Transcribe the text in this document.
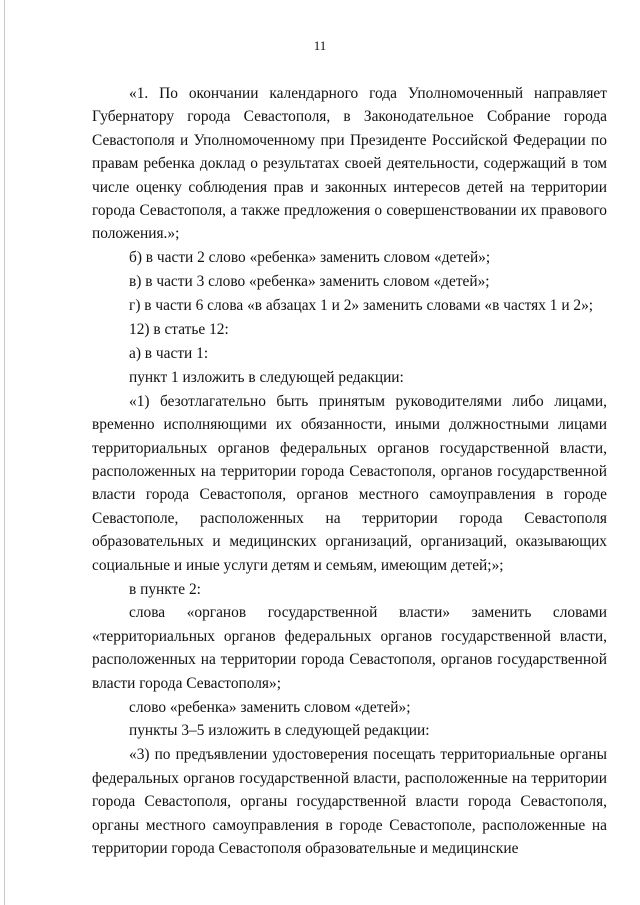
11

«1. По окончании календарного года Уполномоченный направляет Губернатору города Севастополя, в Законодательное Собрание города Севастополя и Уполномоченному при Президенте Российской Федерации по правам ребенка доклад о результатах своей деятельности, содержащий в том числе оценку соблюдения прав и законных интересов детей на территории города Севастополя, а также предложения о совершенствовании их правового положения.»;

б) в части 2 слово «ребенка» заменить словом «детей»;

в) в части 3 слово «ребенка» заменить словом «детей»;

г) в части 6 слова «в абзацах 1 и 2» заменить словами «в частях 1 и 2»;

12) в статье 12:

а) в части 1:

пункт 1 изложить в следующей редакции:

«1) безотлагательно быть принятым руководителями либо лицами, временно исполняющими их обязанности, иными должностными лицами территориальных органов федеральных органов государственной власти, расположенных на территории города Севастополя, органов государственной власти города Севастополя, органов местного самоуправления в городе Севастополе, расположенных на территории города Севастополя образовательных и медицинских организаций, организаций, оказывающих социальные и иные услуги детям и семьям, имеющим детей;»;

в пункте 2:

слова «органов государственной власти» заменить словами «территориальных органов федеральных органов государственной власти, расположенных на территории города Севастополя, органов государственной власти города Севастополя»;

слово «ребенка» заменить словом «детей»;

пункты 3–5 изложить в следующей редакции:

«3) по предъявлении удостоверения посещать территориальные органы федеральных органов государственной власти, расположенные на территории города Севастополя, органы государственной власти города Севастополя, органы местного самоуправления в городе Севастополе, расположенные на территории города Севастополя образовательные и медицинские
